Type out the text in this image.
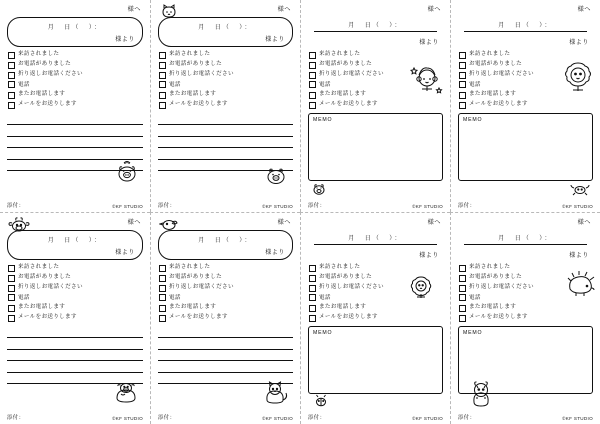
様へ
月　日（　）：
様より
来訪されました
お電話がありました
折り返しお電話ください
電話
またお電話します
メールをお送りします
添付：	©KF STUDIO
様へ
月　日（　）：
様より
来訪されました
お電話がありました
折り返しお電話ください
電話
またお電話します
メールをお送りします
添付：	©KF STUDIO
様へ
月　日（　）：
様より
来訪されました
お電話がありました
折り返しお電話ください
電話
またお電話します
メールをお送りします
MEMO
添付：	©KF STUDIO
様へ
月　日（　）：
様より
来訪されました
お電話がありました
折り返しお電話ください
電話
またお電話します
メールをお送りします
MEMO
添付：	©KF STUDIO
様へ
月　日（　）：
様より
来訪されました
お電話がありました
折り返しお電話ください
電話
またお電話します
メールをお送りします
添付：	©KF STUDIO
様へ
月　日（　）：
様より
来訪されました
お電話がありました
折り返しお電話ください
電話
またお電話します
メールをお送りします
添付：	©KF STUDIO
様へ
月　日（　）：
様より
来訪されました
お電話がありました
折り返しお電話ください
電話
またお電話します
メールをお送りします
MEMO
添付：	©KF STUDIO
様へ
月　日（　）：
様より
来訪されました
お電話がありました
折り返しお電話ください
電話
またお電話します
メールをお送りします
MEMO
添付：	©KF STUDIO
